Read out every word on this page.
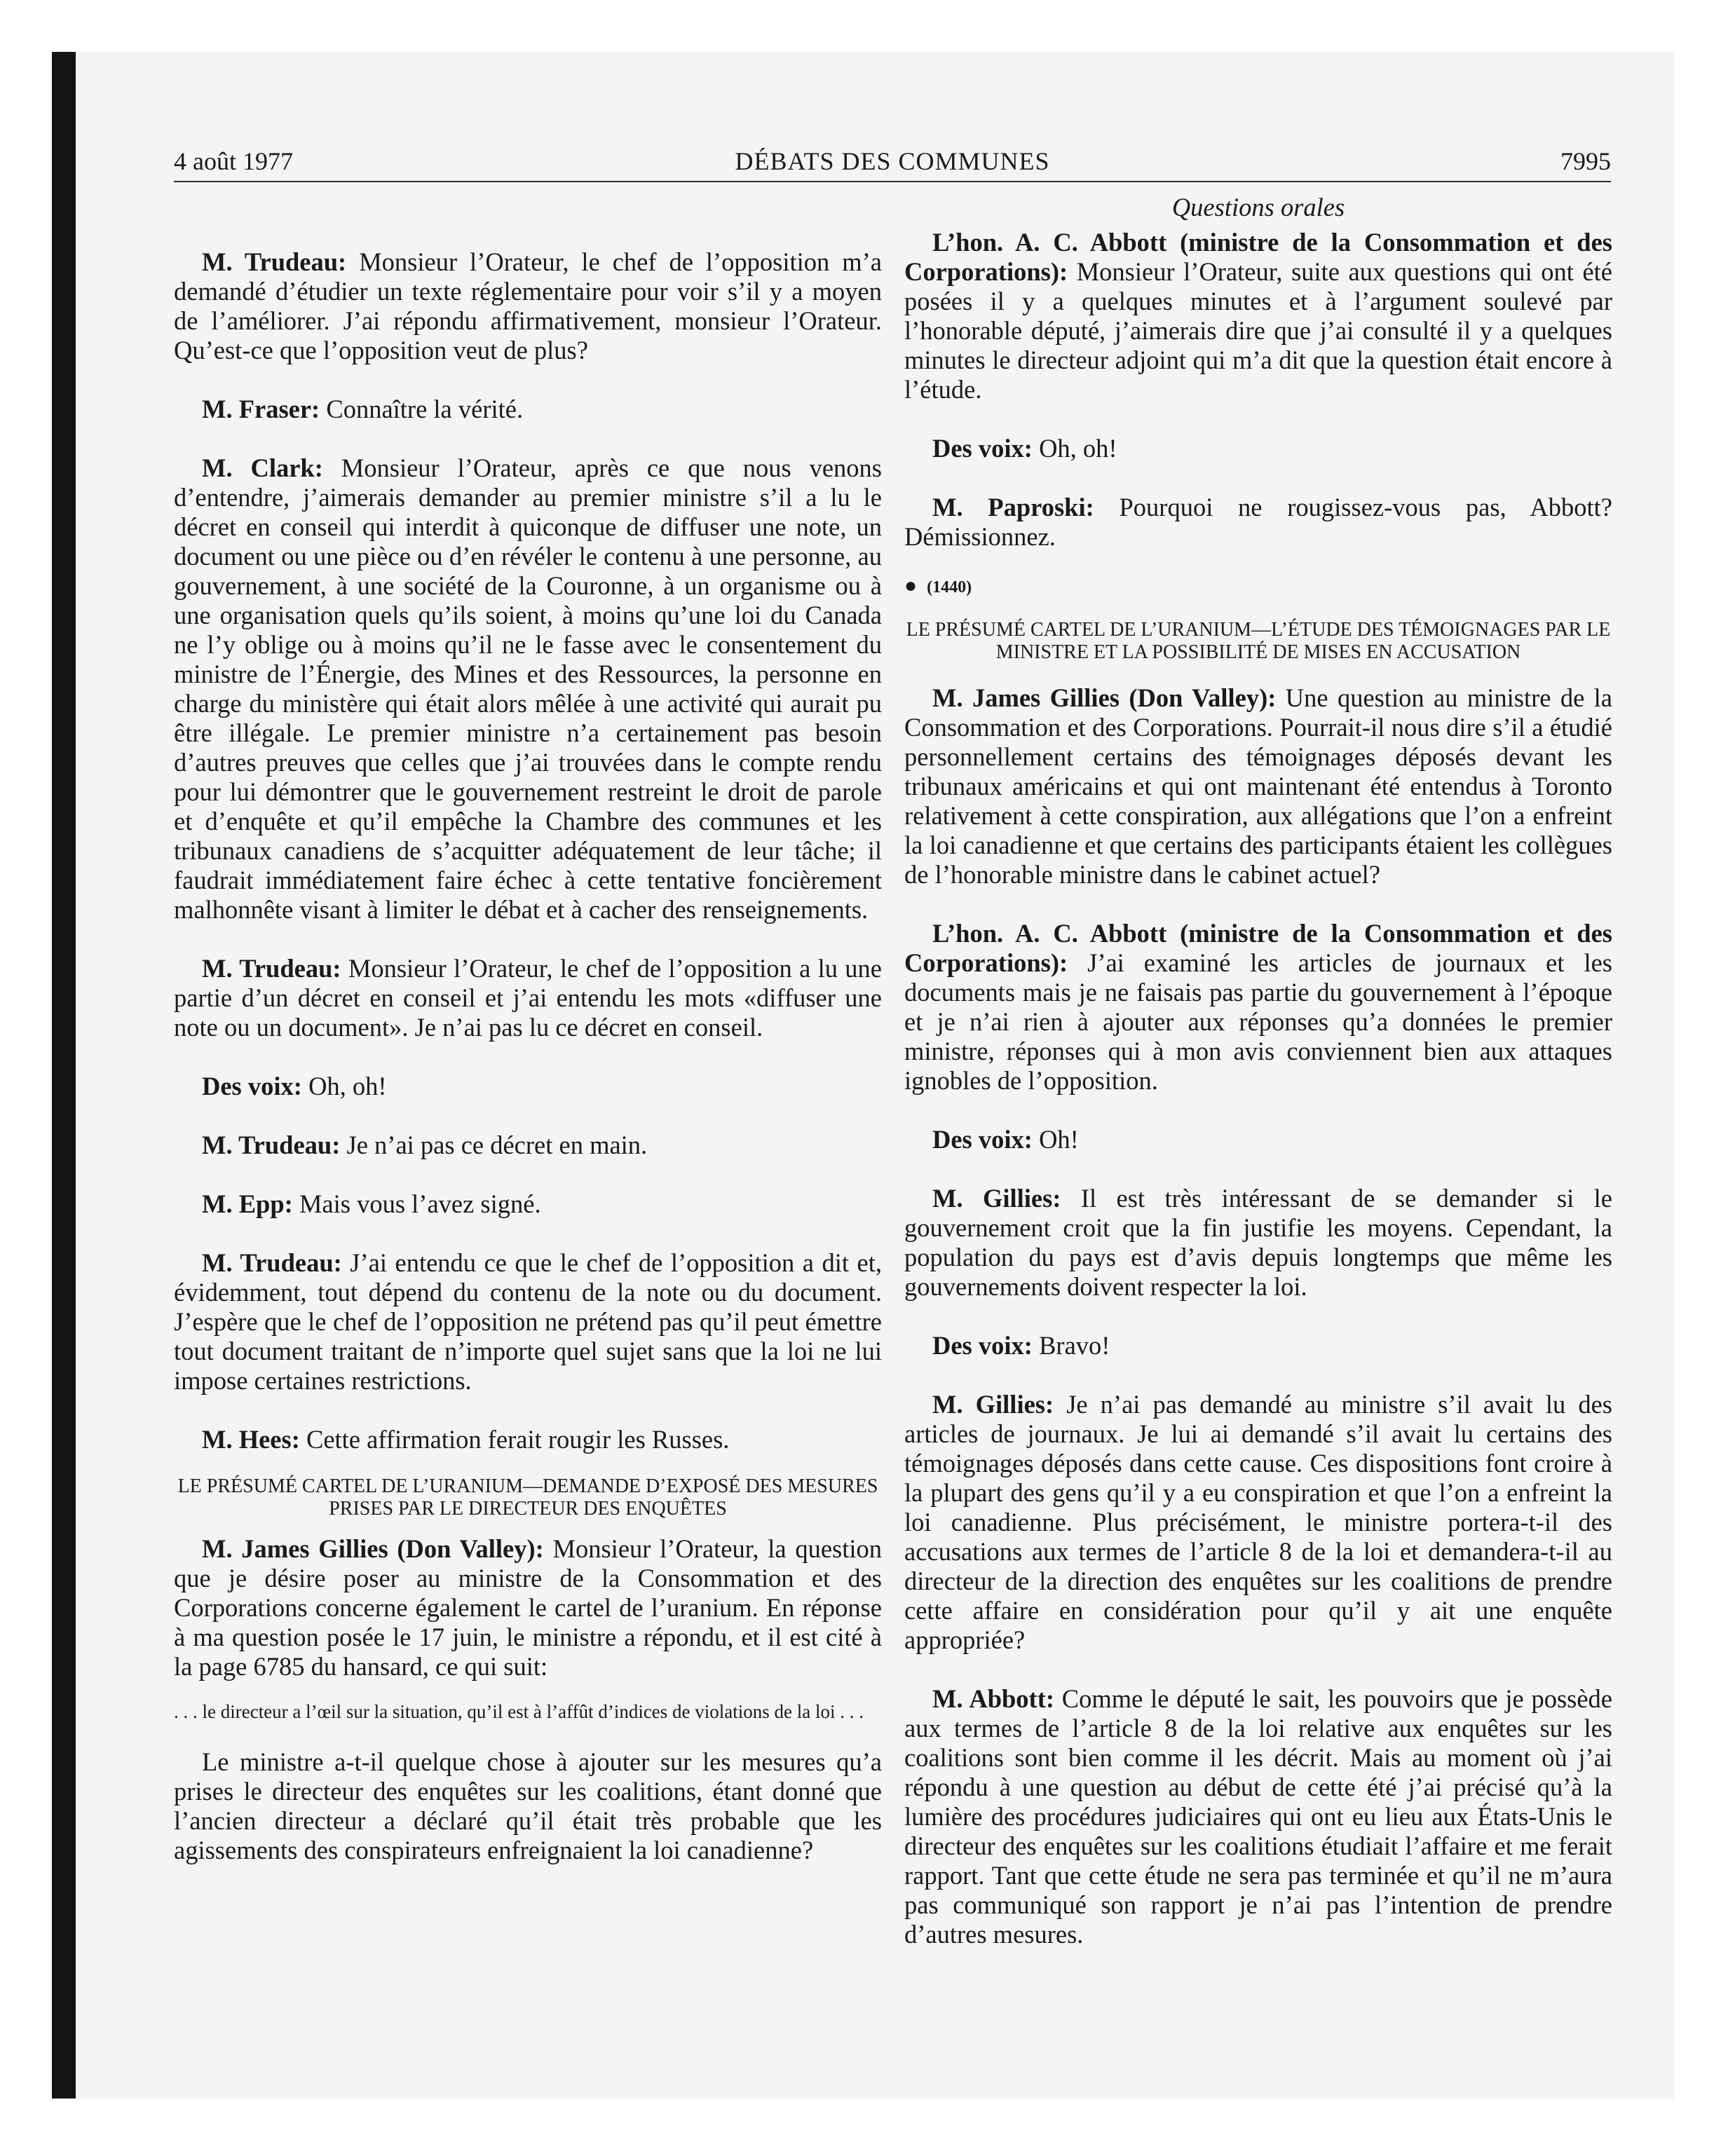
4 août 1977	DÉBATS DES COMMUNES	7995

M. Trudeau: Monsieur l’Orateur, le chef de l’opposition m’a demandé d’étudier un texte réglementaire pour voir s’il y a moyen de l’améliorer. J’ai répondu affirmativement, monsieur l’Orateur. Qu’est-ce que l’opposition veut de plus?

M. Fraser: Connaître la vérité.

M. Clark: Monsieur l’Orateur, après ce que nous venons d’entendre, j’aimerais demander au premier ministre s’il a lu le décret en conseil qui interdit à quiconque de diffuser une note, un document ou une pièce ou d’en révéler le contenu à une personne, au gouvernement, à une société de la Couronne, à un organisme ou à une organisation quels qu’ils soient, à moins qu’une loi du Canada ne l’y oblige ou à moins qu’il ne le fasse avec le consentement du ministre de l’Énergie, des Mines et des Ressources, la personne en charge du ministère qui était alors mêlée à une activité qui aurait pu être illégale. Le premier ministre n’a certainement pas besoin d’autres preuves que celles que j’ai trouvées dans le compte rendu pour lui démontrer que le gouvernement restreint le droit de parole et d’enquête et qu’il empêche la Chambre des communes et les tribunaux canadiens de s’acquitter adéquatement de leur tâche; il faudrait immédiatement faire échec à cette tentative foncièrement malhonnête visant à limiter le débat et à cacher des renseignements.

M. Trudeau: Monsieur l’Orateur, le chef de l’opposition a lu une partie d’un décret en conseil et j’ai entendu les mots «diffuser une note ou un document». Je n’ai pas lu ce décret en conseil.

Des voix: Oh, oh!

M. Trudeau: Je n’ai pas ce décret en main.

M. Epp: Mais vous l’avez signé.

M. Trudeau: J’ai entendu ce que le chef de l’opposition a dit et, évidemment, tout dépend du contenu de la note ou du document. J’espère que le chef de l’opposition ne prétend pas qu’il peut émettre tout document traitant de n’importe quel sujet sans que la loi ne lui impose certaines restrictions.

M. Hees: Cette affirmation ferait rougir les Russes.

LE PRÉSUMÉ CARTEL DE L’URANIUM—DEMANDE D’EXPOSÉ DES MESURES PRISES PAR LE DIRECTEUR DES ENQUÊTES

M. James Gillies (Don Valley): Monsieur l’Orateur, la question que je désire poser au ministre de la Consommation et des Corporations concerne également le cartel de l’uranium. En réponse à ma question posée le 17 juin, le ministre a répondu, et il est cité à la page 6785 du hansard, ce qui suit:

. . . le directeur a l’œil sur la situation, qu’il est à l’affût d’indices de violations de la loi . . .

Le ministre a-t-il quelque chose à ajouter sur les mesures qu’a prises le directeur des enquêtes sur les coalitions, étant donné que l’ancien directeur a déclaré qu’il était très probable que les agissements des conspirateurs enfreignaient la loi canadienne?

Questions orales

L’hon. A. C. Abbott (ministre de la Consommation et des Corporations): Monsieur l’Orateur, suite aux questions qui ont été posées il y a quelques minutes et à l’argument soulevé par l’honorable député, j’aimerais dire que j’ai consulté il y a quelques minutes le directeur adjoint qui m’a dit que la question était encore à l’étude.

Des voix: Oh, oh!

M. Paproski: Pourquoi ne rougissez-vous pas, Abbott? Démissionnez.

● (1440)

LE PRÉSUMÉ CARTEL DE L’URANIUM—L’ÉTUDE DES TÉMOIGNAGES PAR LE MINISTRE ET LA POSSIBILITÉ DE MISES EN ACCUSATION

M. James Gillies (Don Valley): Une question au ministre de la Consommation et des Corporations. Pourrait-il nous dire s’il a étudié personnellement certains des témoignages déposés devant les tribunaux américains et qui ont maintenant été entendus à Toronto relativement à cette conspiration, aux allégations que l’on a enfreint la loi canadienne et que certains des participants étaient les collègues de l’honorable ministre dans le cabinet actuel?

L’hon. A. C. Abbott (ministre de la Consommation et des Corporations): J’ai examiné les articles de journaux et les documents mais je ne faisais pas partie du gouvernement à l’époque et je n’ai rien à ajouter aux réponses qu’a données le premier ministre, réponses qui à mon avis conviennent bien aux attaques ignobles de l’opposition.

Des voix: Oh!

M. Gillies: Il est très intéressant de se demander si le gouvernement croit que la fin justifie les moyens. Cependant, la population du pays est d’avis depuis longtemps que même les gouvernements doivent respecter la loi.

Des voix: Bravo!

M. Gillies: Je n’ai pas demandé au ministre s’il avait lu des articles de journaux. Je lui ai demandé s’il avait lu certains des témoignages déposés dans cette cause. Ces dispositions font croire à la plupart des gens qu’il y a eu conspiration et que l’on a enfreint la loi canadienne. Plus précisément, le ministre portera-t-il des accusations aux termes de l’article 8 de la loi et demandera-t-il au directeur de la direction des enquêtes sur les coalitions de prendre cette affaire en considération pour qu’il y ait une enquête appropriée?

M. Abbott: Comme le député le sait, les pouvoirs que je possède aux termes de l’article 8 de la loi relative aux enquêtes sur les coalitions sont bien comme il les décrit. Mais au moment où j’ai répondu à une question au début de cette été j’ai précisé qu’à la lumière des procédures judiciaires qui ont eu lieu aux États-Unis le directeur des enquêtes sur les coalitions étudiait l’affaire et me ferait rapport. Tant que cette étude ne sera pas terminée et qu’il ne m’aura pas communiqué son rapport je n’ai pas l’intention de prendre d’autres mesures.
